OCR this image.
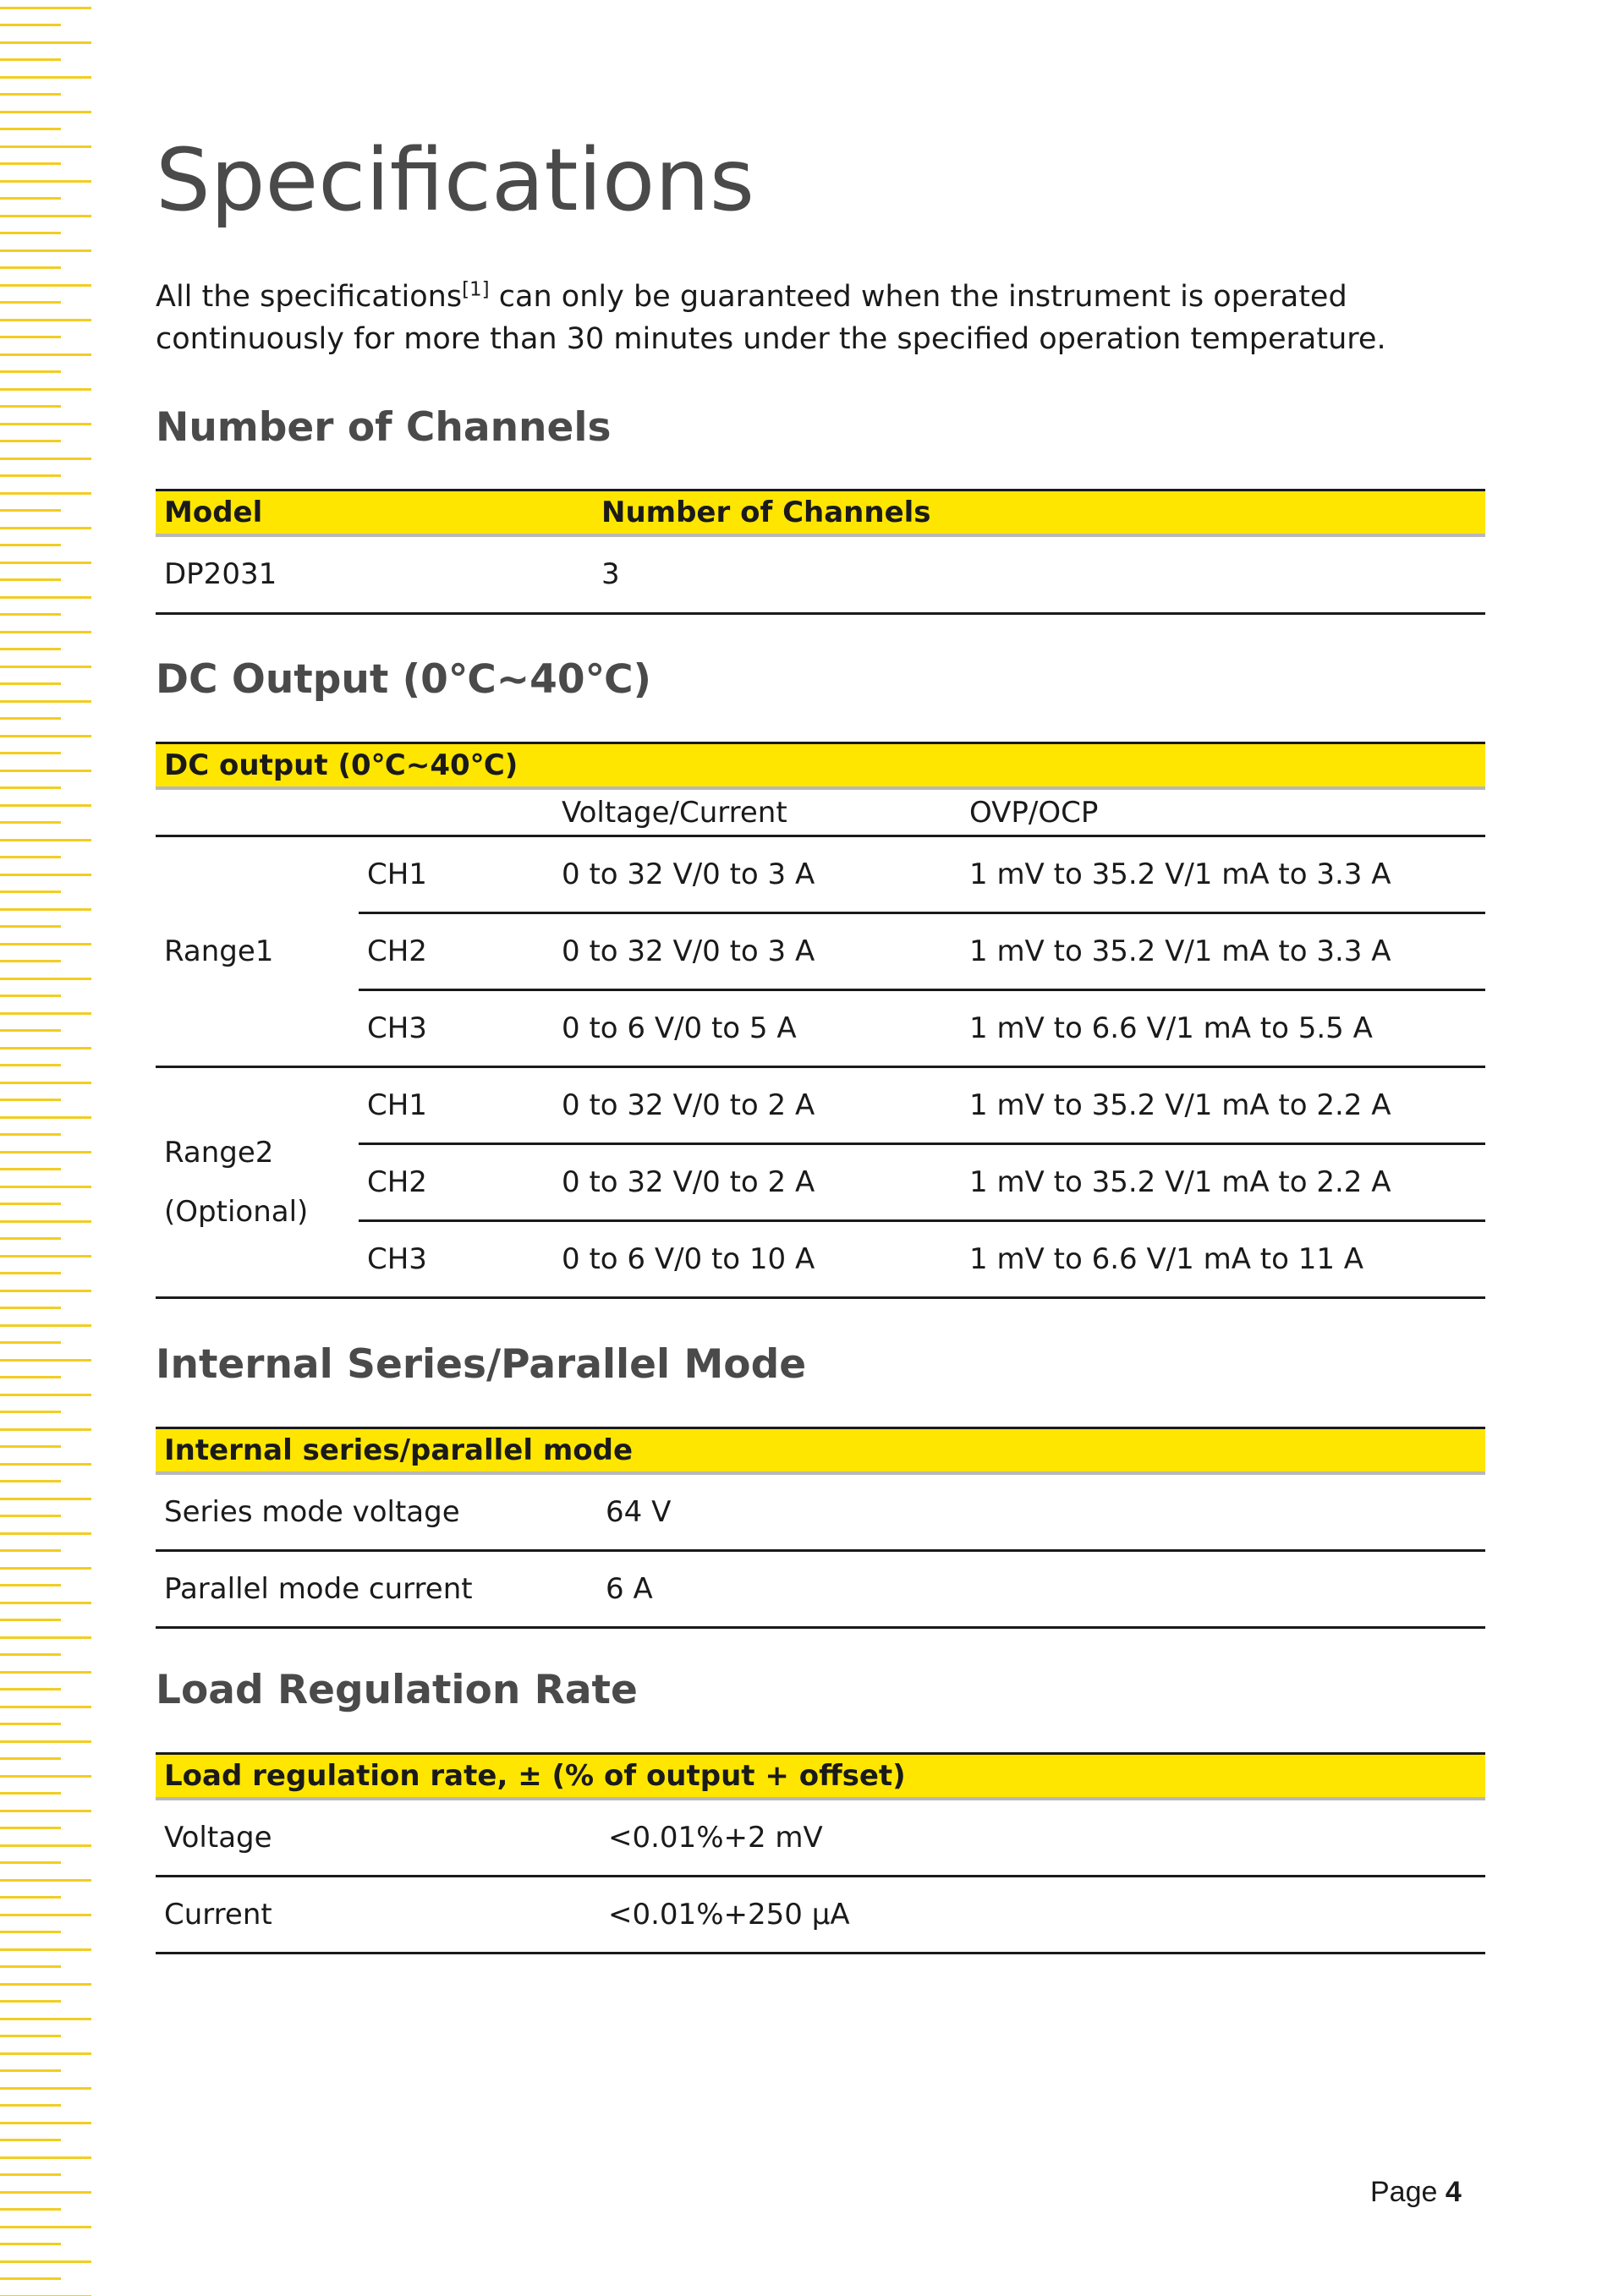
Specifications

All the specifications[1] can only be guaranteed when the instrument is operated continuously for more than 30 minutes under the specified operation temperature.

Number of Channels
Model	Number of Channels
DP2031	3
DC Output (0℃~40℃)
DC output (0℃~40℃)			
		Voltage/Current	OVP/OCP
Range1	CH1	0 to 32 V/0 to 3 A	1 mV to 35.2 V/1 mA to 3.3 A
	CH2	0 to 32 V/0 to 3 A	1 mV to 35.2 V/1 mA to 3.3 A
	CH3	0 to 6 V/0 to 5 A	1 mV to 6.6 V/1 mA to 5.5 A

Range2
(Optional)	CH1	0 to 32 V/0 to 2 A	1 mV to 35.2 V/1 mA to 2.2 A
	CH2	0 to 32 V/0 to 2 A	1 mV to 35.2 V/1 mA to 2.2 A
	CH3	0 to 6 V/0 to 10 A	1 mV to 6.6 V/1 mA to 11 A
Internal Series/Parallel Mode
Internal series/parallel mode	
Series mode voltage	64 V
Parallel mode current	6 A
Load Regulation Rate
Load regulation rate, ± (% of output + offset)	
Voltage	<0.01%+2 mV
Current	<0.01%+250 μA

Page 4
